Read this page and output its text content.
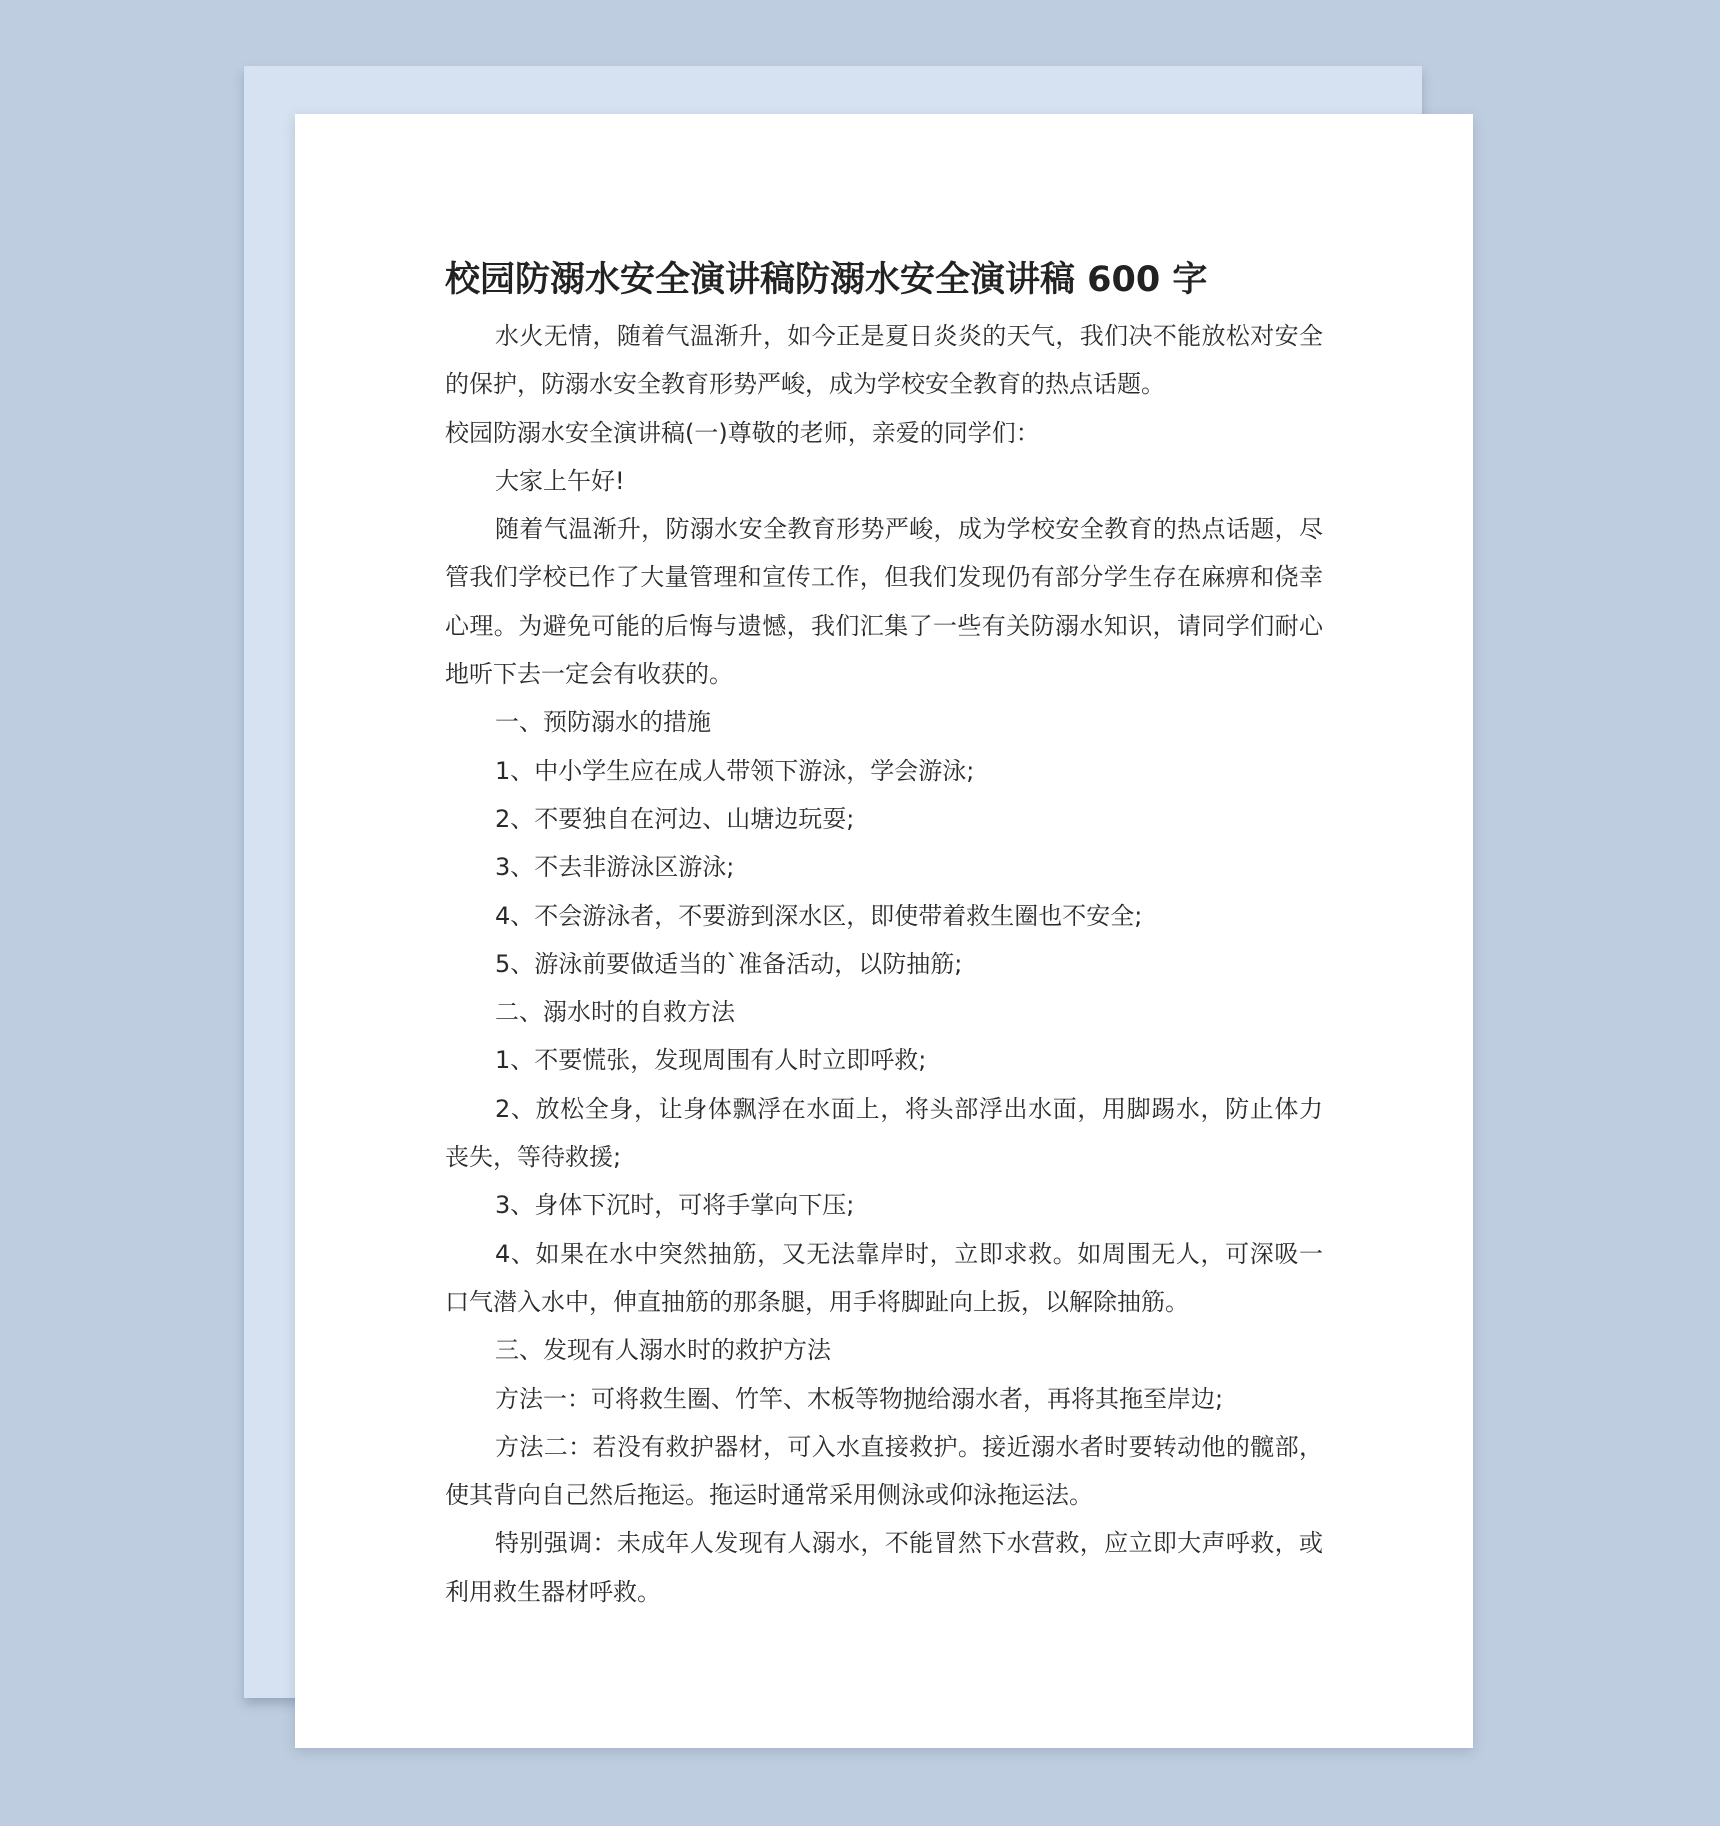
校园防溺水安全演讲稿防溺水安全演讲稿 600 字

水火无情，随着气温渐升，如今正是夏日炎炎的天气，我们决不能放松对安全的保护，防溺水安全教育形势严峻，成为学校安全教育的热点话题。

校园防溺水安全演讲稿(一)尊敬的老师，亲爱的同学们：

大家上午好!

随着气温渐升，防溺水安全教育形势严峻，成为学校安全教育的热点话题，尽管我们学校已作了大量管理和宣传工作，但我们发现仍有部分学生存在麻痹和侥幸心理。为避免可能的后悔与遗憾，我们汇集了一些有关防溺水知识，请同学们耐心地听下去一定会有收获的。

一、预防溺水的措施

1、中小学生应在成人带领下游泳，学会游泳;

2、不要独自在河边、山塘边玩耍;

3、不去非游泳区游泳;

4、不会游泳者，不要游到深水区，即使带着救生圈也不安全;

5、游泳前要做适当的`准备活动，以防抽筋;

二、溺水时的自救方法

1、不要慌张，发现周围有人时立即呼救;

2、放松全身，让身体飘浮在水面上，将头部浮出水面，用脚踢水，防止体力丧失，等待救援;

3、身体下沉时，可将手掌向下压;

4、如果在水中突然抽筋，又无法靠岸时，立即求救。如周围无人，可深吸一口气潜入水中，伸直抽筋的那条腿，用手将脚趾向上扳，以解除抽筋。

三、发现有人溺水时的救护方法

方法一：可将救生圈、竹竿、木板等物抛给溺水者，再将其拖至岸边;

方法二：若没有救护器材，可入水直接救护。接近溺水者时要转动他的髋部，使其背向自己然后拖运。拖运时通常采用侧泳或仰泳拖运法。

特别强调：未成年人发现有人溺水，不能冒然下水营救，应立即大声呼救，或利用救生器材呼救。
